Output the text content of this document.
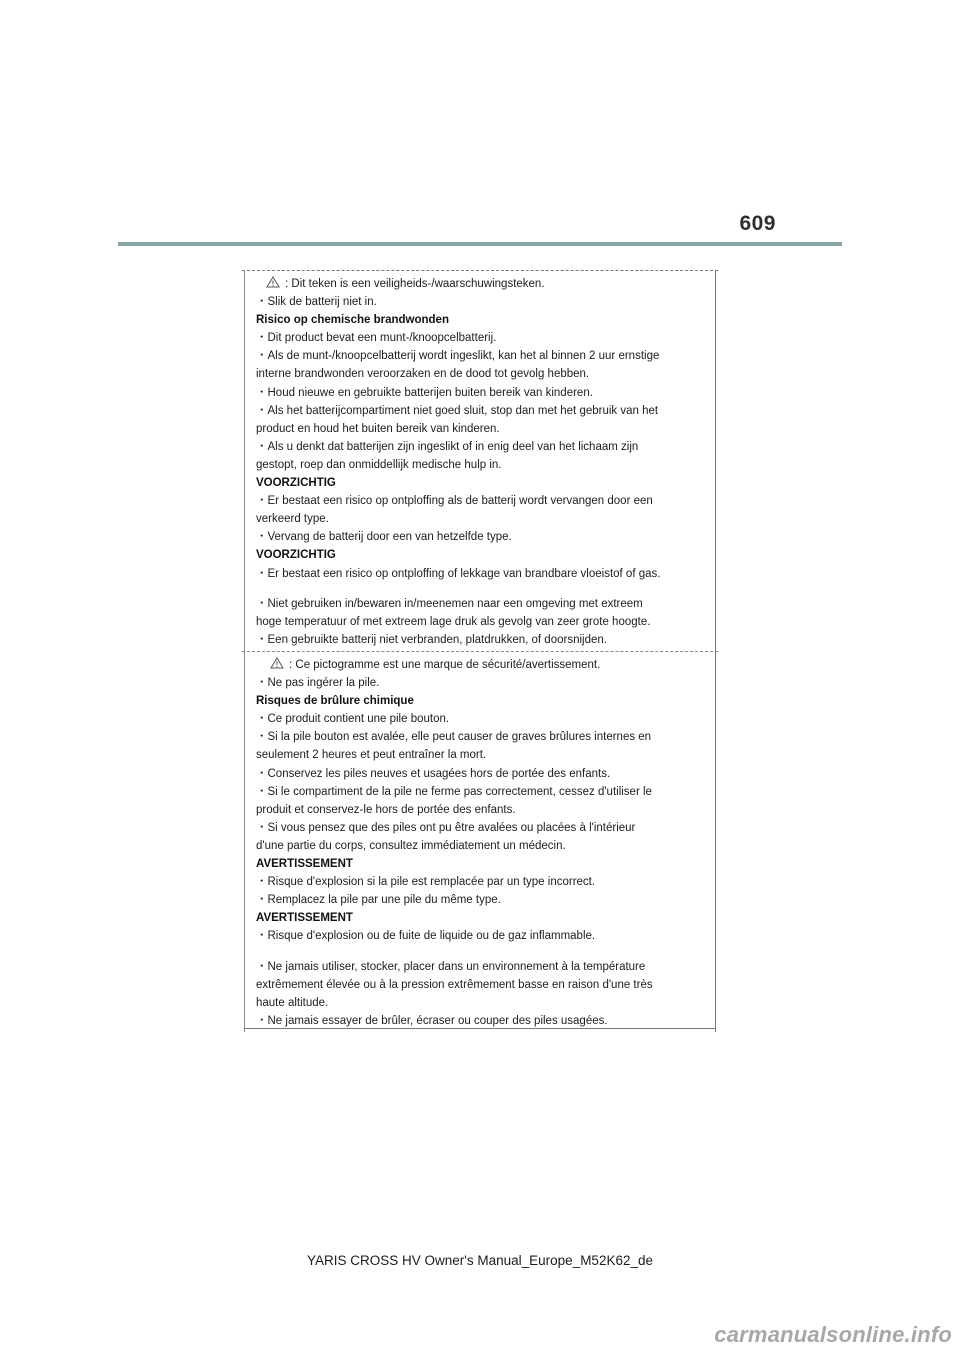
609
: Dit teken is een veiligheids-/waarschuwingsteken.
・Slik de batterij niet in.
Risico op chemische brandwonden
・Dit product bevat een munt-/knoopcelbatterij.
・Als de munt-/knoopcelbatterij wordt ingeslikt, kan het al binnen 2 uur ernstige
interne brandwonden veroorzaken en de dood tot gevolg hebben.
・Houd nieuwe en gebruikte batterijen buiten bereik van kinderen.
・Als het batterijcompartiment niet goed sluit, stop dan met het gebruik van het
product en houd het buiten bereik van kinderen.
・Als u denkt dat batterijen zijn ingeslikt of in enig deel van het lichaam zijn
gestopt, roep dan onmiddellijk medische hulp in.
VOORZICHTIG
・Er bestaat een risico op ontploffing als de batterij wordt vervangen door een
verkeerd type.
・Vervang de batterij door een van hetzelfde type.
VOORZICHTIG
・Er bestaat een risico op ontploffing of lekkage van brandbare vloeistof of gas.
・Niet gebruiken in/bewaren in/meenemen naar een omgeving met extreem
hoge temperatuur of met extreem lage druk als gevolg van zeer grote hoogte.
・Een gebruikte batterij niet verbranden, platdrukken, of doorsnijden.
: Ce pictogramme est une marque de sécurité/avertissement.
・Ne pas ingérer la pile.
Risques de brûlure chimique
・Ce produit contient une pile bouton.
・Si la pile bouton est avalée, elle peut causer de graves brûlures internes en
seulement 2 heures et peut entraîner la mort.
・Conservez les piles neuves et usagées hors de portée des enfants.
・Si le compartiment de la pile ne ferme pas correctement, cessez d'utiliser le
produit et conservez-le hors de portée des enfants.
・Si vous pensez que des piles ont pu être avalées ou placées à l'intérieur
d'une partie du corps, consultez immédiatement un médecin.
AVERTISSEMENT
・Risque d'explosion si la pile est remplacée par un type incorrect.
・Remplacez la pile par une pile du même type.
AVERTISSEMENT
・Risque d'explosion ou de fuite de liquide ou de gaz inflammable.
・Ne jamais utiliser, stocker, placer dans un environnement à la température
extrêmement élevée ou à la pression extrêmement basse en raison d'une très
haute altitude.
・Ne jamais essayer de brûler, écraser ou couper des piles usagées.
YARIS CROSS HV Owner's Manual_Europe_M52K62_de
carmanualsonline.info
